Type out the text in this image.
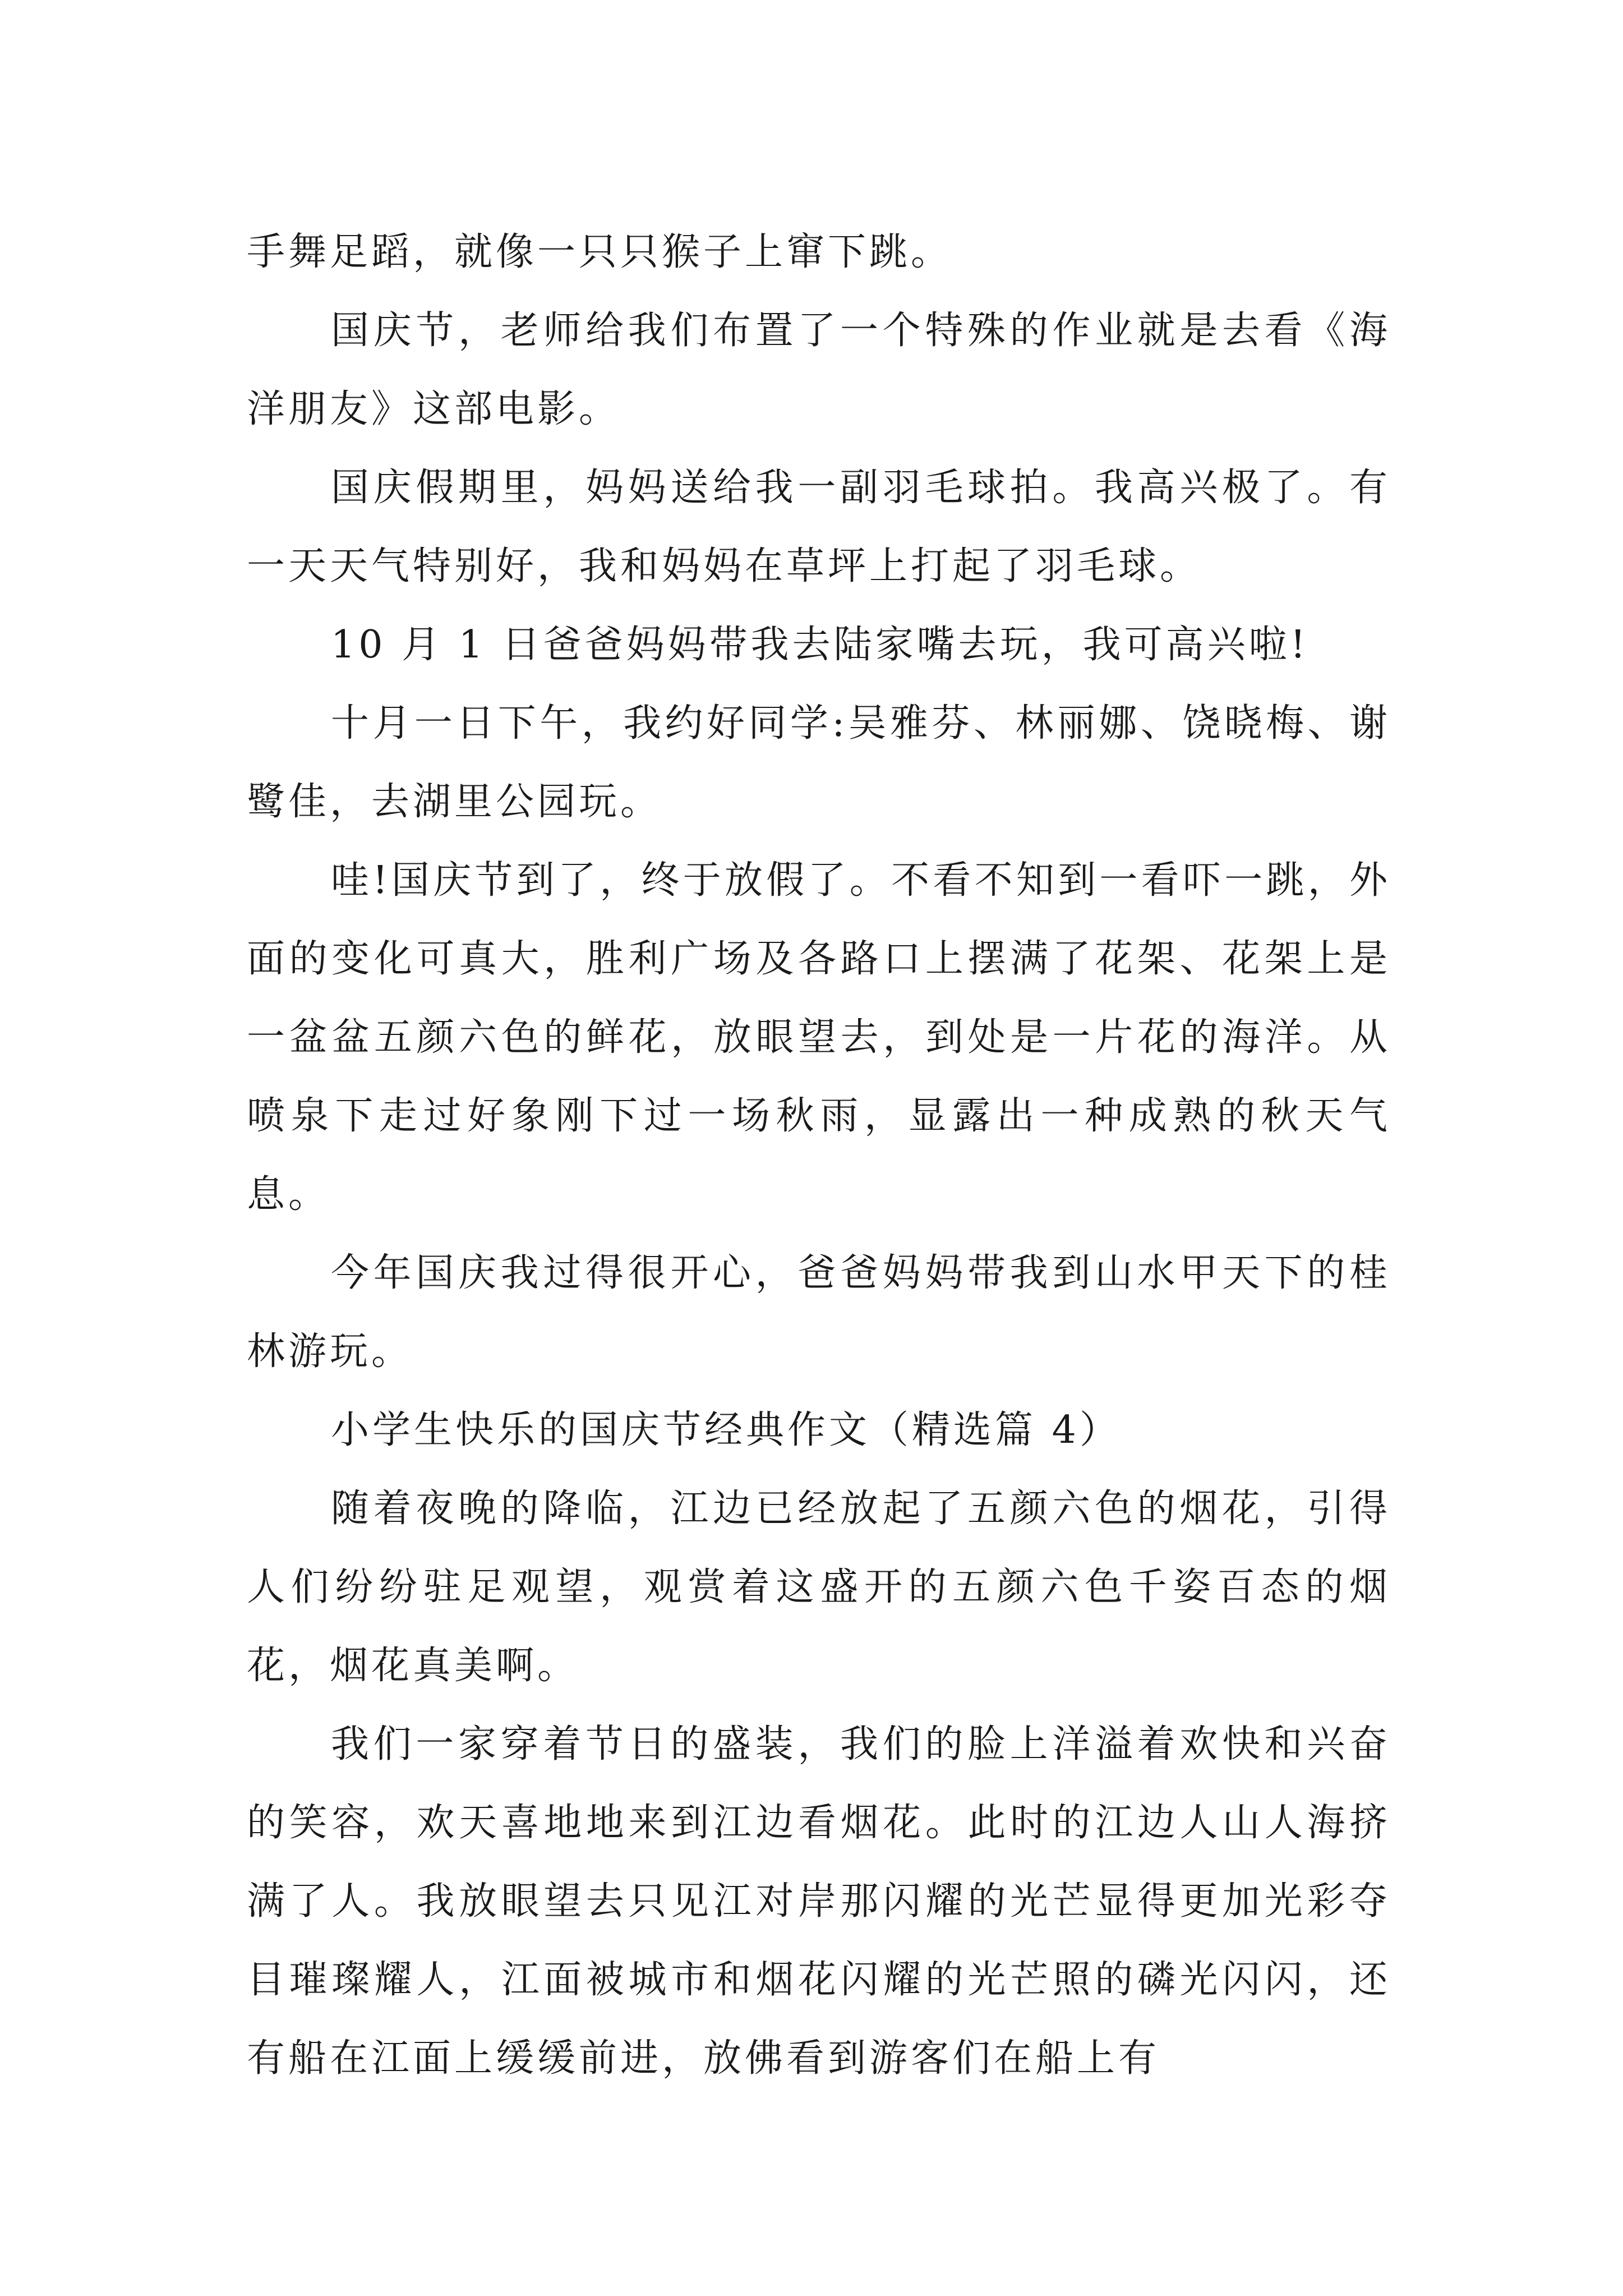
手舞足蹈，就像一只只猴子上窜下跳。

国庆节，老师给我们布置了一个特殊的作业就是去看《海洋朋友》这部电影。

国庆假期里，妈妈送给我一副羽毛球拍。我高兴极了。有一天天气特别好，我和妈妈在草坪上打起了羽毛球。

10 月 1 日爸爸妈妈带我去陆家嘴去玩，我可高兴啦!

十月一日下午，我约好同学:吴雅芬、林丽娜、饶晓梅、谢鹭佳，去湖里公园玩。

哇!国庆节到了，终于放假了。不看不知到一看吓一跳，外面的变化可真大，胜利广场及各路口上摆满了花架、花架上是一盆盆五颜六色的鲜花，放眼望去，到处是一片花的海洋。从喷泉下走过好象刚下过一场秋雨，显露出一种成熟的秋天气息。

今年国庆我过得很开心，爸爸妈妈带我到山水甲天下的桂林游玩。

小学生快乐的国庆节经典作文（精选篇 4）

随着夜晚的降临，江边已经放起了五颜六色的烟花，引得人们纷纷驻足观望，观赏着这盛开的五颜六色千姿百态的烟花，烟花真美啊。

我们一家穿着节日的盛装，我们的脸上洋溢着欢快和兴奋的笑容，欢天喜地地来到江边看烟花。此时的江边人山人海挤满了人。我放眼望去只见江对岸那闪耀的光芒显得更加光彩夺目璀璨耀人，江面被城市和烟花闪耀的光芒照的磷光闪闪，还有船在江面上缓缓前进，放佛看到游客们在船上有
